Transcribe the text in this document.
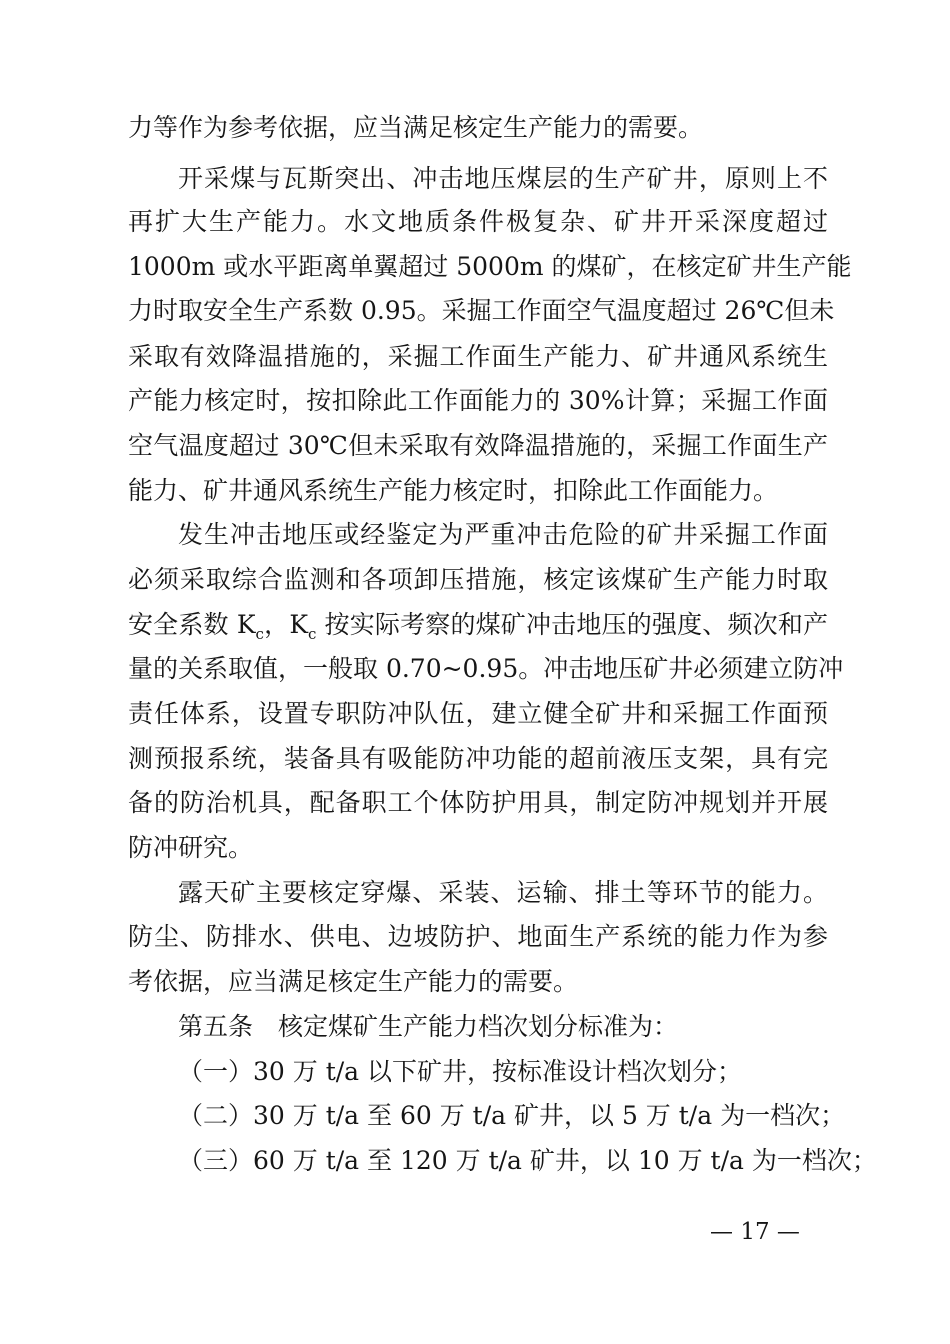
力等作为参考依据，应当满足核定生产能力的需要。
开采煤与瓦斯突出、冲击地压煤层的生产矿井，原则上不
再扩大生产能力。水文地质条件极复杂、矿井开采深度超过
1000m 或水平距离单翼超过 5000m 的煤矿，在核定矿井生产能
力时取安全生产系数 0.95。采掘工作面空气温度超过 26℃但未
采取有效降温措施的，采掘工作面生产能力、矿井通风系统生
产能力核定时，按扣除此工作面能力的 30%计算；采掘工作面
空气温度超过 30℃但未采取有效降温措施的，采掘工作面生产
能力、矿井通风系统生产能力核定时，扣除此工作面能力。
发生冲击地压或经鉴定为严重冲击危险的矿井采掘工作面
必须采取综合监测和各项卸压措施，核定该煤矿生产能力时取
安全系数 $K_c$，$K_c$ 按实际考察的煤矿冲击地压的强度、频次和产
量的关系取值，一般取 0.70~0.95。冲击地压矿井必须建立防冲
责任体系，设置专职防冲队伍，建立健全矿井和采掘工作面预
测预报系统，装备具有吸能防冲功能的超前液压支架，具有完
备的防治机具，配备职工个体防护用具，制定防冲规划并开展
防冲研究。
露天矿主要核定穿爆、采装、运输、排土等环节的能力。
防尘、防排水、供电、边坡防护、地面生产系统的能力作为参
考依据，应当满足核定生产能力的需要。
第五条　核定煤矿生产能力档次划分标准为：
（一）30 万 t/a 以下矿井，按标准设计档次划分；
（二）30 万 t/a 至 60 万 t/a 矿井，以 5 万 t/a 为一档次；
（三）60 万 t/a 至 120 万 t/a 矿井，以 10 万 t/a 为一档次；
— 17 —
